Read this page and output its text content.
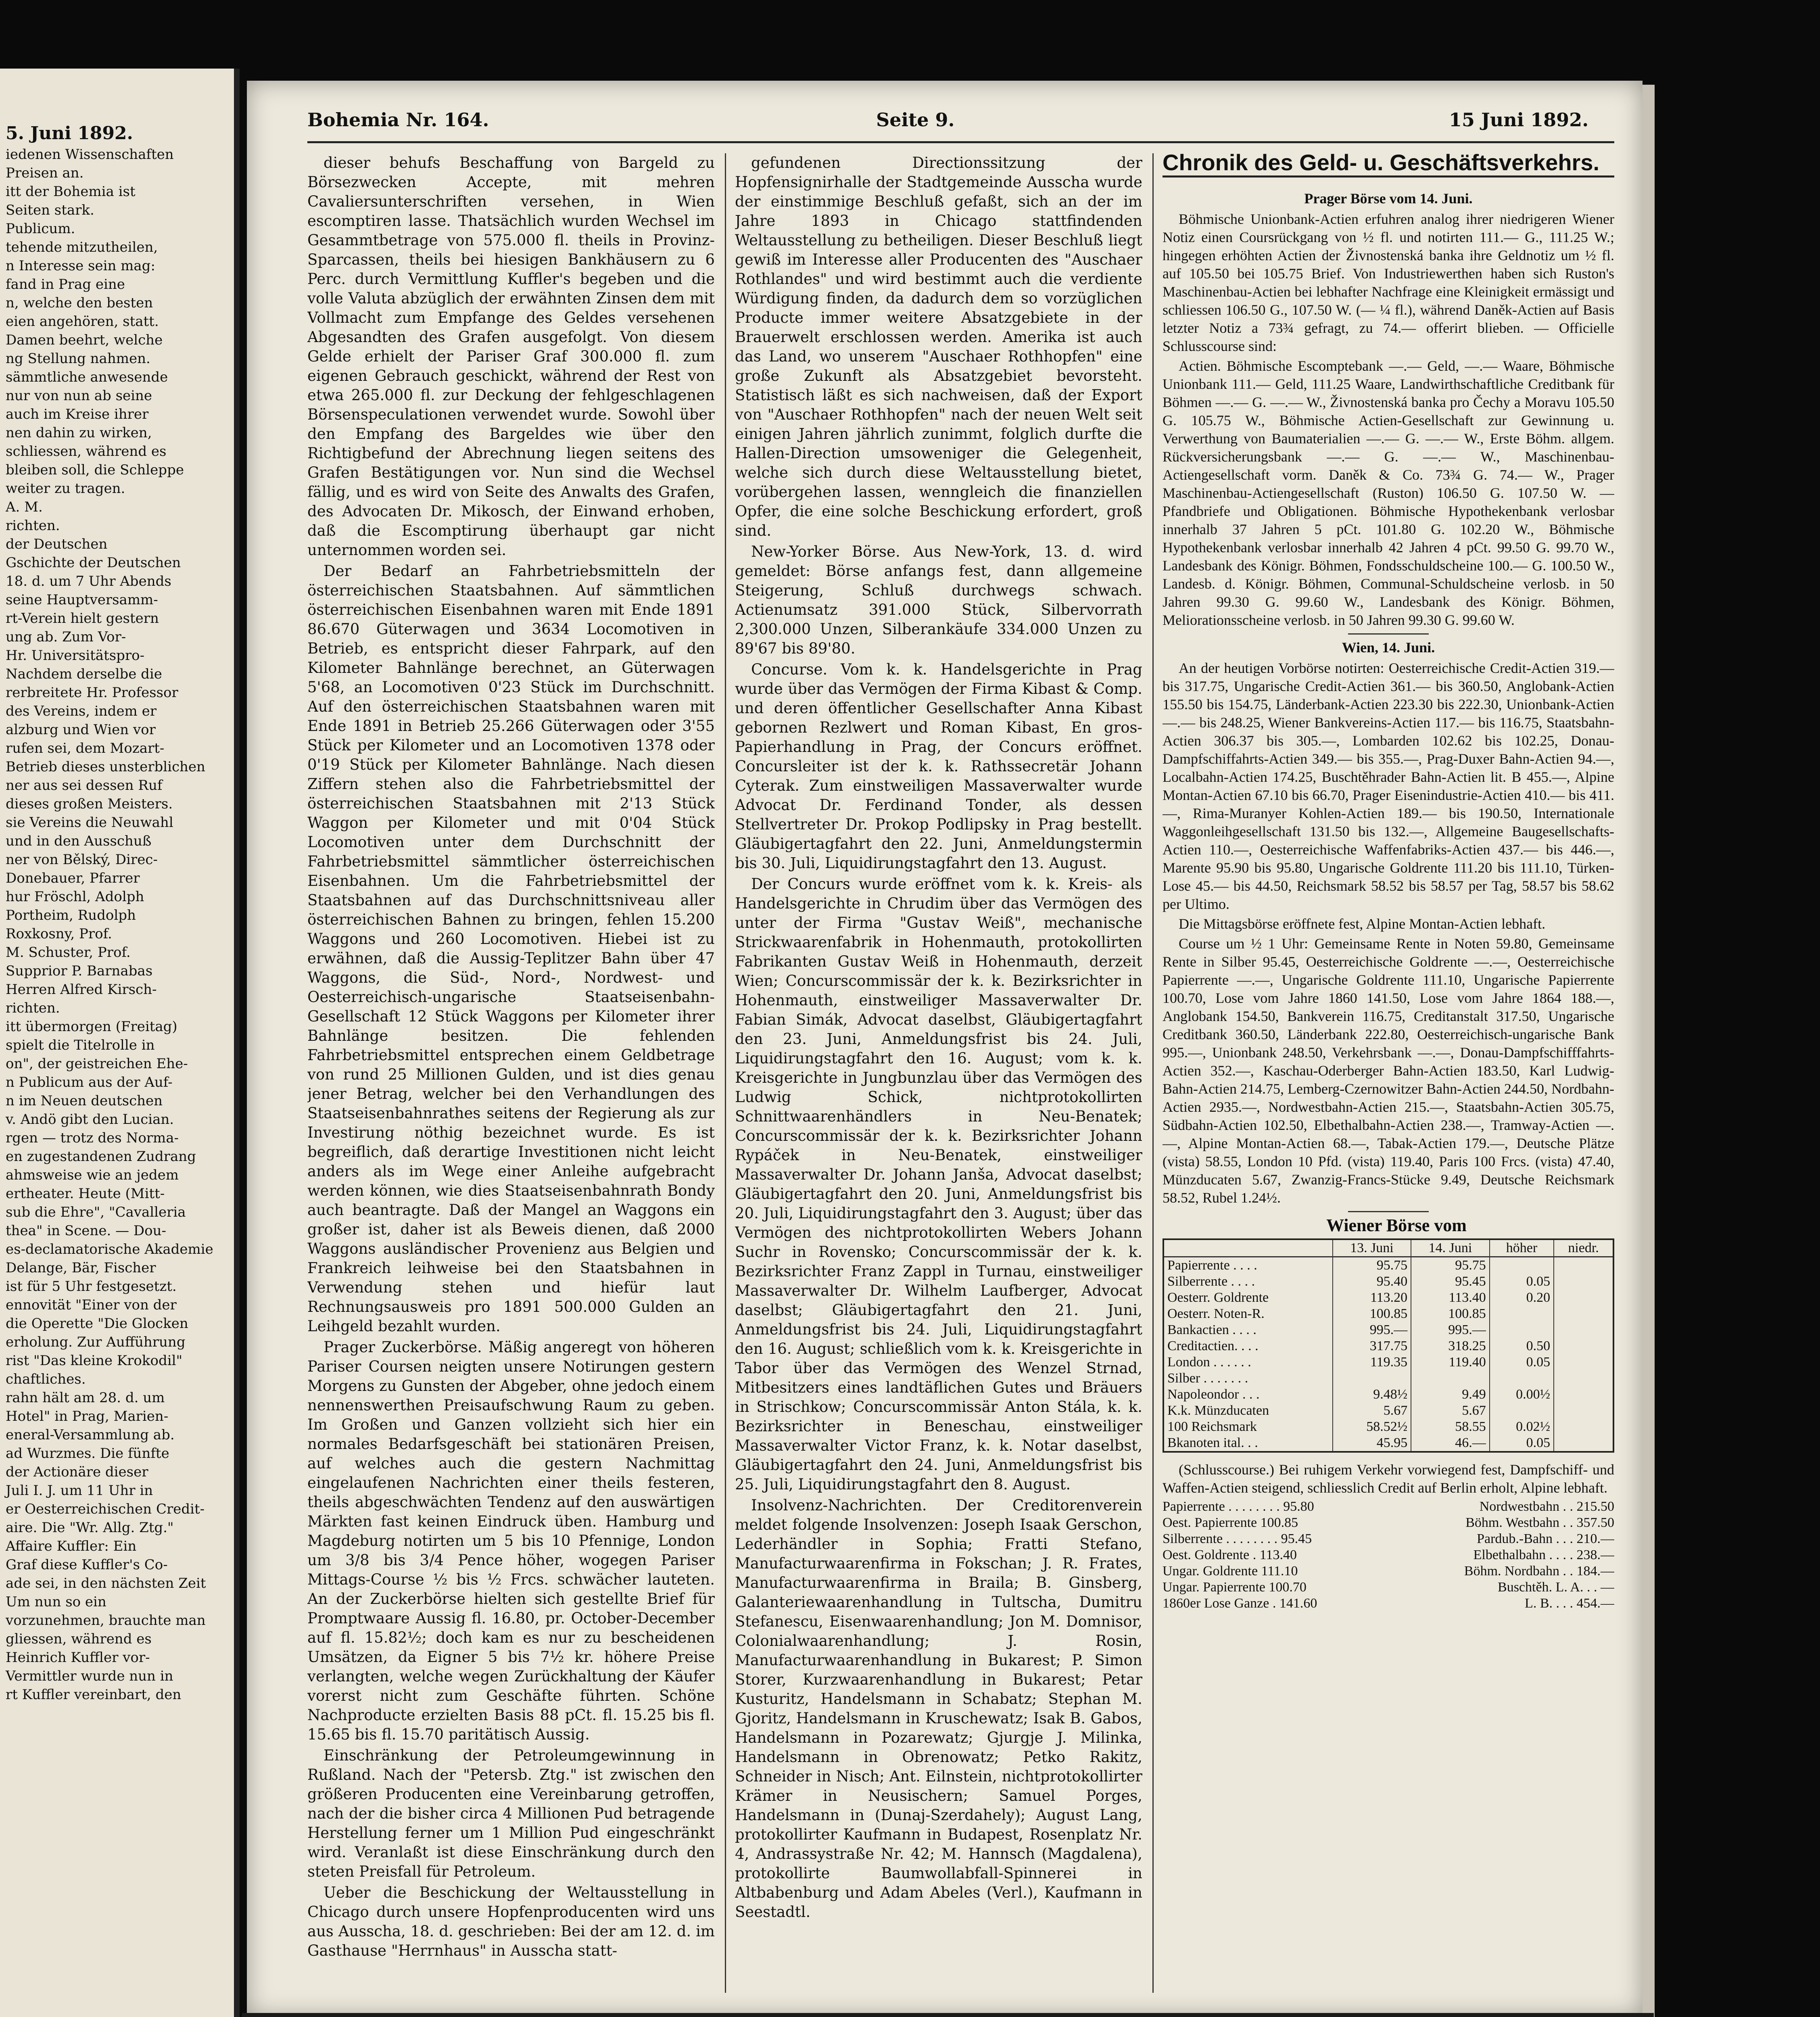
5. Juni 1892.

iedenen Wissenschaften

Preisen an.

itt der Bohemia ist

Seiten stark.

Publicum.

tehende mitzutheilen,

n Interesse sein mag:

fand in Prag eine

n, welche den besten

eien angehören, statt.

Damen beehrt, welche

ng Stellung nahmen.

sämmtliche anwesende

nur von nun ab seine

auch im Kreise ihrer

nen dahin zu wirken,

schliessen, während es

bleiben soll, die Schleppe

weiter zu tragen.

A. M.

richten.

der Deutschen

Gschichte der Deutschen

18. d. um 7 Uhr Abends

seine Hauptversamm-

rt-Verein hielt gestern

ung ab. Zum Vor-

Hr. Universitätspro-

Nachdem derselbe die

rerbreitete Hr. Professor

des Vereins, indem er

alzburg und Wien vor

rufen sei, dem Mozart-

Betrieb dieses unsterblichen

ner aus sei dessen Ruf

dieses großen Meisters.

sie Vereins die Neuwahl

und in den Ausschuß

ner von Bělský, Direc-

Donebauer, Pfarrer

hur Fröschl, Adolph

Portheim, Rudolph

Roxkosny, Prof.

M. Schuster, Prof.

Supprior P. Barnabas

Herren Alfred Kirsch-

richten.

itt übermorgen (Freitag)

spielt die Titelrolle in

on", der geistreichen Ehe-

n Publicum aus der Auf-

n im Neuen deutschen

v. Andö gibt den Lucian.

rgen — trotz des Norma-

en zugestandenen Zudrang

ahmsweise wie an jedem

ertheater. Heute (Mitt-

sub die Ehre", "Cavalleria

thea" in Scene. — Dou-

es-declamatorische Akademie

Delange, Bär, Fischer

ist für 5 Uhr festgesetzt.

ennovität "Einer von der

die Operette "Die Glocken

erholung. Zur Aufführung

rist "Das kleine Krokodil"

chaftliches.

rahn hält am 28. d. um

Hotel" in Prag, Marien-

eneral-Versammlung ab.

ad Wurzmes. Die fünfte

der Actionäre dieser

Juli I. J. um 11 Uhr in

er Oesterreichischen Credit-

aire. Die "Wr. Allg. Ztg."

Affaire Kuffler: Ein

Graf diese Kuffler's Co-

ade sei, in den nächsten Zeit

Um nun so ein

vorzunehmen, brauchte man

gliessen, während es

Heinrich Kuffler vor-

Vermittler wurde nun in

rt Kuffler vereinbart, den

Bohemia Nr. 164.	Seite 9.	15 Juni 1892.

dieser behufs Beschaffung von Bargeld zu Börsezwecken Accepte, mit mehren Cavaliersunterschriften versehen, in Wien escomptiren lasse. Thatsächlich wurden Wechsel im Gesammtbetrage von 575.000 fl. theils in Provinz-Sparcassen, theils bei hiesigen Bankhäusern zu 6 Perc. durch Vermittlung Kuffler's begeben und die volle Valuta abzüglich der erwähnten Zinsen dem mit Vollmacht zum Empfange des Geldes versehenen Abgesandten des Grafen ausgefolgt. Von diesem Gelde erhielt der Pariser Graf 300.000 fl. zum eigenen Gebrauch geschickt, während der Rest von etwa 265.000 fl. zur Deckung der fehlgeschlagenen Börsenspeculationen verwendet wurde. Sowohl über den Empfang des Bargeldes wie über den Richtigbefund der Abrechnung liegen seitens des Grafen Bestätigungen vor. Nun sind die Wechsel fällig, und es wird von Seite des Anwalts des Grafen, des Advocaten Dr. Mikosch, der Einwand erhoben, daß die Escomptirung überhaupt gar nicht unternommen worden sei.

Der Bedarf an Fahrbetriebsmitteln der österreichischen Staatsbahnen. Auf sämmtlichen österreichischen Eisenbahnen waren mit Ende 1891 86.670 Güterwagen und 3634 Locomotiven in Betrieb, es entspricht dieser Fahrpark, auf den Kilometer Bahnlänge berechnet, an Güterwagen 5'68, an Locomotiven 0'23 Stück im Durchschnitt. Auf den österreichischen Staatsbahnen waren mit Ende 1891 in Betrieb 25.266 Güterwagen oder 3'55 Stück per Kilometer und an Locomotiven 1378 oder 0'19 Stück per Kilometer Bahnlänge. Nach diesen Ziffern stehen also die Fahrbetriebsmittel der österreichischen Staatsbahnen mit 2'13 Stück Waggon per Kilometer und mit 0'04 Stück Locomotiven unter dem Durchschnitt der Fahrbetriebsmittel sämmtlicher österreichischen Eisenbahnen. Um die Fahrbetriebsmittel der Staatsbahnen auf das Durchschnittsniveau aller österreichischen Bahnen zu bringen, fehlen 15.200 Waggons und 260 Locomotiven. Hiebei ist zu erwähnen, daß die Aussig-Teplitzer Bahn über 47 Waggons, die Süd-, Nord-, Nordwest- und Oesterreichisch-ungarische Staatseisenbahn-Gesellschaft 12 Stück Waggons per Kilometer ihrer Bahnlänge besitzen. Die fehlenden Fahrbetriebsmittel entsprechen einem Geldbetrage von rund 25 Millionen Gulden, und ist dies genau jener Betrag, welcher bei den Verhandlungen des Staatseisenbahnrathes seitens der Regierung als zur Investirung nöthig bezeichnet wurde. Es ist begreiflich, daß derartige Investitionen nicht leicht anders als im Wege einer Anleihe aufgebracht werden können, wie dies Staatseisenbahnrath Bondy auch beantragte. Daß der Mangel an Waggons ein großer ist, daher ist als Beweis dienen, daß 2000 Waggons ausländischer Provenienz aus Belgien und Frankreich leihweise bei den Staatsbahnen in Verwendung stehen und hiefür laut Rechnungsausweis pro 1891 500.000 Gulden an Leihgeld bezahlt wurden.

Prager Zuckerbörse. Mäßig angeregt von höheren Pariser Coursen neigten unsere Notirungen gestern Morgens zu Gunsten der Abgeber, ohne jedoch einem nennenswerthen Preisaufschwung Raum zu geben. Im Großen und Ganzen vollzieht sich hier ein normales Bedarfsgeschäft bei stationären Preisen, auf welches auch die gestern Nachmittag eingelaufenen Nachrichten einer theils festeren, theils abgeschwächten Tendenz auf den auswärtigen Märkten fast keinen Eindruck üben. Hamburg und Magdeburg notirten um 5 bis 10 Pfennige, London um 3/8 bis 3/4 Pence höher, wogegen Pariser Mittags-Course ½ bis ½ Frcs. schwächer lauteten. An der Zuckerbörse hielten sich gestellte Brief für Promptwaare Aussig fl. 16.80, pr. October-December auf fl. 15.82½; doch kam es nur zu bescheidenen Umsätzen, da Eigner 5 bis 7½ kr. höhere Preise verlangten, welche wegen Zurückhaltung der Käufer vorerst nicht zum Geschäfte führten. Schöne Nachproducte erzielten Basis 88 pCt. fl. 15.25 bis fl. 15.65 bis fl. 15.70 paritätisch Aussig.

Einschränkung der Petroleumgewinnung in Rußland. Nach der "Petersb. Ztg." ist zwischen den größeren Producenten eine Vereinbarung getroffen, nach der die bisher circa 4 Millionen Pud betragende Herstellung ferner um 1 Million Pud eingeschränkt wird. Veranlaßt ist diese Einschränkung durch den steten Preisfall für Petroleum.

Ueber die Beschickung der Weltausstellung in Chicago durch unsere Hopfenproducenten wird uns aus Ausscha, 18. d. geschrieben: Bei der am 12. d. im Gasthause "Herrnhaus" in Ausscha statt-

gefundenen Directionssitzung der Hopfensignirhalle der Stadtgemeinde Ausscha wurde der einstimmige Beschluß gefaßt, sich an der im Jahre 1893 in Chicago stattfindenden Weltausstellung zu betheiligen. Dieser Beschluß liegt gewiß im Interesse aller Producenten des "Auschaer Rothlandes" und wird bestimmt auch die verdiente Würdigung finden, da dadurch dem so vorzüglichen Producte immer weitere Absatzgebiete in der Brauerwelt erschlossen werden. Amerika ist auch das Land, wo unserem "Auschaer Rothhopfen" eine große Zukunft als Absatzgebiet bevorsteht. Statistisch läßt es sich nachweisen, daß der Export von "Auschaer Rothhopfen" nach der neuen Welt seit einigen Jahren jährlich zunimmt, folglich durfte die Hallen-Direction umsoweniger die Gelegenheit, welche sich durch diese Weltausstellung bietet, vorübergehen lassen, wenngleich die finanziellen Opfer, die eine solche Beschickung erfordert, groß sind.

New-Yorker Börse. Aus New-York, 13. d. wird gemeldet: Börse anfangs fest, dann allgemeine Steigerung, Schluß durchwegs schwach. Actienumsatz 391.000 Stück, Silbervorrath 2,300.000 Unzen, Silberankäufe 334.000 Unzen zu 89'67 bis 89'80.

Concurse. Vom k. k. Handelsgerichte in Prag wurde über das Vermögen der Firma Kibast & Comp. und deren öffentlicher Gesellschafter Anna Kibast gebornen Rezlwert und Roman Kibast, En gros-Papierhandlung in Prag, der Concurs eröffnet. Concursleiter ist der k. k. Rathssecretär Johann Cyterak. Zum einstweiligen Massaverwalter wurde Advocat Dr. Ferdinand Tonder, als dessen Stellvertreter Dr. Prokop Podlipsky in Prag bestellt. Gläubigertagfahrt den 22. Juni, Anmeldungstermin bis 30. Juli, Liquidirungstagfahrt den 13. August.

Der Concurs wurde eröffnet vom k. k. Kreis- als Handelsgerichte in Chrudim über das Vermögen des unter der Firma "Gustav Weiß", mechanische Strickwaarenfabrik in Hohenmauth, protokollirten Fabrikanten Gustav Weiß in Hohenmauth, derzeit Wien; Concurscommissär der k. k. Bezirksrichter in Hohenmauth, einstweiliger Massaverwalter Dr. Fabian Simák, Advocat daselbst, Gläubigertagfahrt den 23. Juni, Anmeldungsfrist bis 24. Juli, Liquidirungstagfahrt den 16. August; vom k. k. Kreisgerichte in Jungbunzlau über das Vermögen des Ludwig Schick, nichtprotokollirten Schnittwaarenhändlers in Neu-Benatek; Concurscommissär der k. k. Bezirksrichter Johann Rypáček in Neu-Benatek, einstweiliger Massaverwalter Dr. Johann Janša, Advocat daselbst; Gläubigertagfahrt den 20. Juni, Anmeldungsfrist bis 20. Juli, Liquidirungstagfahrt den 3. August; über das Vermögen des nichtprotokollirten Webers Johann Suchr in Rovensko; Concurscommissär der k. k. Bezirksrichter Franz Zappl in Turnau, einstweiliger Massaverwalter Dr. Wilhelm Laufberger, Advocat daselbst; Gläubigertagfahrt den 21. Juni, Anmeldungsfrist bis 24. Juli, Liquidirungstagfahrt den 16. August; schließlich vom k. k. Kreisgerichte in Tabor über das Vermögen des Wenzel Strnad, Mitbesitzers eines landtäflichen Gutes und Bräuers in Strischkow; Concurscommissär Anton Stála, k. k. Bezirksrichter in Beneschau, einstweiliger Massaverwalter Victor Franz, k. k. Notar daselbst, Gläubigertagfahrt den 24. Juni, Anmeldungsfrist bis 25. Juli, Liquidirungstagfahrt den 8. August.

Insolvenz-Nachrichten. Der Creditorenverein meldet folgende Insolvenzen: Joseph Isaak Gerschon, Lederhändler in Sophia; Fratti Stefano, Manufacturwaarenfirma in Fokschan; J. R. Frates, Manufacturwaarenfirma in Braila; B. Ginsberg, Galanteriewaarenhandlung in Tultscha, Dumitru Stefanescu, Eisenwaarenhandlung; Jon M. Domnisor, Colonialwaarenhandlung; J. Rosin, Manufacturwaarenhandlung in Bukarest; P. Simon Storer, Kurzwaarenhandlung in Bukarest; Petar Kusturitz, Handelsmann in Schabatz; Stephan M. Gjoritz, Handelsmann in Kruschewatz; Isak B. Gabos, Handelsmann in Pozarewatz; Gjurgje J. Milinka, Handelsmann in Obrenowatz; Petko Rakitz, Schneider in Nisch; Ant. Eilnstein, nichtprotokollirter Krämer in Neusischern; Samuel Porges, Handelsmann in (Dunaj-Szerdahely); August Lang, protokollirter Kaufmann in Budapest, Rosenplatz Nr. 4, Andrassystraße Nr. 42; M. Hannsch (Magdalena), protokollirte Baumwollabfall-Spinnerei in Altbabenburg und Adam Abeles (Verl.), Kaufmann in Seestadtl.

Chronik des Geld- u. Geschäftsverkehrs.

Prager Börse vom 14. Juni.

Böhmische Unionbank-Actien erfuhren analog ihrer niedrigeren Wiener Notiz einen Coursrückgang von ½ fl. und notirten 111.— G., 111.25 W.; hingegen erhöhten Actien der Živnostenská banka ihre Geldnotiz um ½ fl. auf 105.50 bei 105.75 Brief. Von Industriewerthen haben sich Ruston's Maschinenbau-Actien bei lebhafter Nachfrage eine Kleinigkeit ermässigt und schliessen 106.50 G., 107.50 W. (— ¼ fl.), während Daněk-Actien auf Basis letzter Notiz a 73¾ gefragt, zu 74.— offerirt blieben. — Officielle Schlusscourse sind:

Actien. Böhmische Escomptebank —.— Geld, —.— Waare, Böhmische Unionbank 111.— Geld, 111.25 Waare, Landwirthschaftliche Creditbank für Böhmen —.— G. —.— W., Živnostenská banka pro Čechy a Moravu 105.50 G. 105.75 W., Böhmische Actien-Gesellschaft zur Gewinnung u. Verwerthung von Baumaterialien —.— G. —.— W., Erste Böhm. allgem. Rückversicherungsbank —.— G. —.— W., Maschinenbau-Actiengesellschaft vorm. Daněk & Co. 73¾ G. 74.— W., Prager Maschinenbau-Actiengesellschaft (Ruston) 106.50 G. 107.50 W. — Pfandbriefe und Obligationen. Böhmische Hypothekenbank verlosbar innerhalb 37 Jahren 5 pCt. 101.80 G. 102.20 W., Böhmische Hypothekenbank verlosbar innerhalb 42 Jahren 4 pCt. 99.50 G. 99.70 W., Landesbank des Königr. Böhmen, Fondsschuldscheine 100.— G. 100.50 W., Landesb. d. Königr. Böhmen, Communal-Schuldscheine verlosb. in 50 Jahren 99.30 G. 99.60 W., Landesbank des Königr. Böhmen, Meliorationsscheine verlosb. in 50 Jahren 99.30 G. 99.60 W.

Wien, 14. Juni.

An der heutigen Vorbörse notirten: Oesterreichische Credit-Actien 319.— bis 317.75, Ungarische Credit-Actien 361.— bis 360.50, Anglobank-Actien 155.50 bis 154.75, Länderbank-Actien 223.30 bis 222.30, Unionbank-Actien —.— bis 248.25, Wiener Bankvereins-Actien 117.— bis 116.75, Staatsbahn-Actien 306.37 bis 305.—, Lombarden 102.62 bis 102.25, Donau-Dampfschiffahrts-Actien 349.— bis 355.—, Prag-Duxer Bahn-Actien 94.—, Localbahn-Actien 174.25, Buschtěhrader Bahn-Actien lit. B 455.—, Alpine Montan-Actien 67.10 bis 66.70, Prager Eisenindustrie-Actien 410.— bis 411.—, Rima-Muranyer Kohlen-Actien 189.— bis 190.50, Internationale Waggonleihgesellschaft 131.50 bis 132.—, Allgemeine Baugesellschafts-Actien 110.—, Oesterreichische Waffenfabriks-Actien 437.— bis 446.—, Marente 95.90 bis 95.80, Ungarische Goldrente 111.20 bis 111.10, Türken-Lose 45.— bis 44.50, Reichsmark 58.52 bis 58.57 per Tag, 58.57 bis 58.62 per Ultimo.

Die Mittagsbörse eröffnete fest, Alpine Montan-Actien lebhaft.

Course um ½ 1 Uhr: Gemeinsame Rente in Noten 59.80, Gemeinsame Rente in Silber 95.45, Oesterreichische Goldrente —.—, Oesterreichische Papierrente —.—, Ungarische Goldrente 111.10, Ungarische Papierrente 100.70, Lose vom Jahre 1860 141.50, Lose vom Jahre 1864 188.—, Anglobank 154.50, Bankverein 116.75, Creditanstalt 317.50, Ungarische Creditbank 360.50, Länderbank 222.80, Oesterreichisch-ungarische Bank 995.—, Unionbank 248.50, Verkehrsbank —.—, Donau-Dampfschifffahrts-Actien 352.—, Kaschau-Oderberger Bahn-Actien 183.50, Karl Ludwig-Bahn-Actien 214.75, Lemberg-Czernowitzer Bahn-Actien 244.50, Nordbahn-Actien 2935.—, Nordwestbahn-Actien 215.—, Staatsbahn-Actien 305.75, Südbahn-Actien 102.50, Elbethalbahn-Actien 238.—, Tramway-Actien —.—, Alpine Montan-Actien 68.—, Tabak-Actien 179.—, Deutsche Plätze (vista) 58.55, London 10 Pfd. (vista) 119.40, Paris 100 Frcs. (vista) 47.40, Münzducaten 5.67, Zwanzig-Francs-Stücke 9.49, Deutsche Reichsmark 58.52, Rubel 1.24½.

Wiener Börse vom

	13. Juni	14. Juni	höher	niedr.
Papierrente . . . .	95.75	95.75		
Silberrente . . . .	95.40	95.45	0.05	
Oesterr. Goldrente	113.20	113.40	0.20	
Oesterr. Noten-R.	100.85	100.85		
Bankactien . . . .	995.—	995.—		
Creditactien. . . .	317.75	318.25	0.50	
London . . . . . .	119.35	119.40	0.05	
Silber . . . . . . .				
Napoleondor . . .	9.48½	9.49	0.00½	
K.k. Münzducaten	5.67	5.67		
100 Reichsmark	58.52½	58.55	0.02½	
Bkanoten ital. . .	45.95	46.—	0.05	

(Schlusscourse.) Bei ruhigem Verkehr vorwiegend fest, Dampfschiff- und Waffen-Actien steigend, schliesslich Credit auf Berlin erholt, Alpine lebhaft.

Papierrente . . . . . . . . 95.80	Nordwestbahn . . 215.50
Oest. Papierrente 100.85	Böhm. Westbahn . . 357.50
Silberrente . . . . . . . . 95.45	Pardub.-Bahn . . . 210.—
Oest. Goldrente . 113.40	Elbethalbahn . . . . 238.—
Ungar. Goldrente 111.10	Böhm. Nordbahn . . 184.—
Ungar. Papierrente 100.70	Buschtěh. L. A. . . —
1860er Lose Ganze . 141.60	L. B. . . . 454.—
